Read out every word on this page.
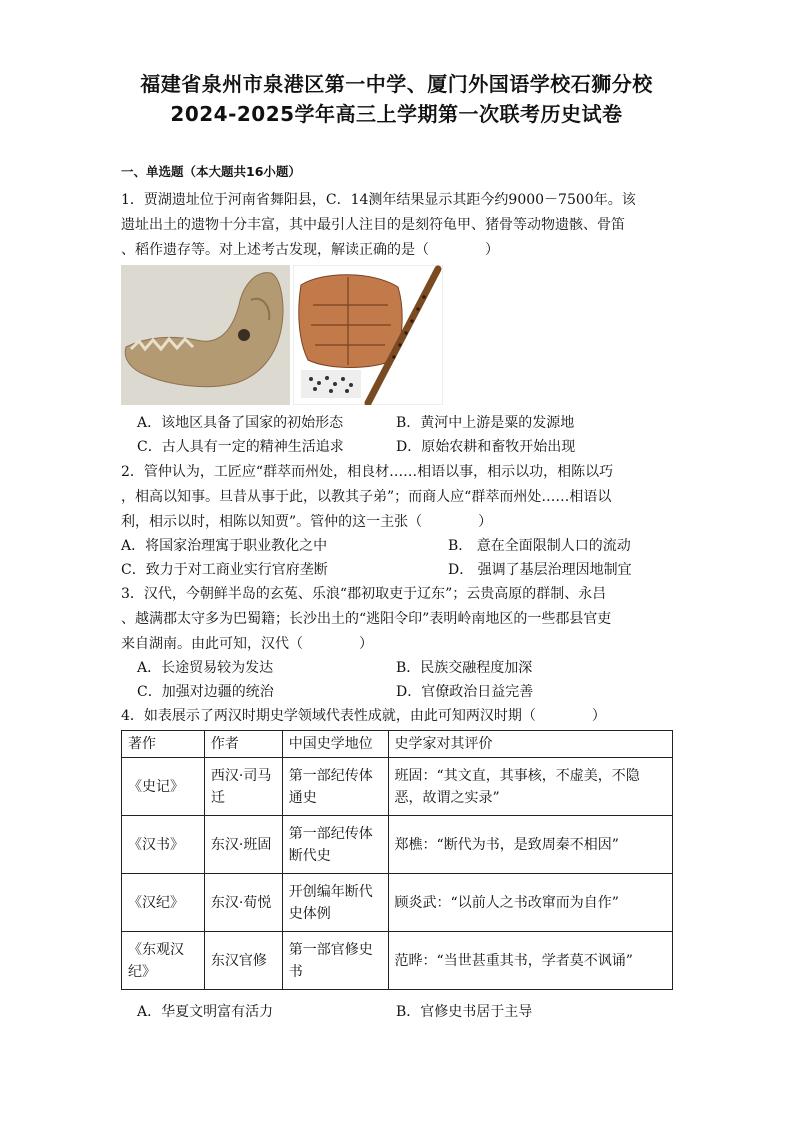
福建省泉州市泉港区第一中学、厦门外国语学校石狮分校
2024-2025学年高三上学期第一次联考历史试卷
一、单选题（本大题共16小题）
1．贾湖遗址位于河南省舞阳县，C．14测年结果显示其距今约9000－7500年。该
遗址出土的遗物十分丰富，其中最引人注目的是刻符龟甲、猪骨等动物遗骸、骨笛
、稻作遗存等。对上述考古发现，解读正确的是（　　　　）
A．该地区具备了国家的初始形态	B．黄河中上游是粟的发源地
C．古人具有一定的精神生活追求	D．原始农耕和畜牧开始出现
2．管仲认为，工匠应“群萃而州处，相良材……相语以事，相示以功，相陈以巧
，相高以知事。旦昔从事于此，以教其子弟”；而商人应“群萃而州处……相语以
利，相示以时，相陈以知贾”。管仲的这一主张（　　　　）
A．将国家治理寓于职业教化之中	B． 意在全面限制人口的流动
C．致力于对工商业实行官府垄断	D． 强调了基层治理因地制宜
3．汉代，今朝鲜半岛的玄菟、乐浪“郡初取吏于辽东”；云贵高原的群制、永吕
、越满郡太守多为巴蜀籍；长沙出土的“逃阳令印”表明岭南地区的一些郡县官吏
来自湖南。由此可知，汉代（　　　　）
A．长途贸易较为发达	B．民族交融程度加深
C．加强对边疆的统治	D．官僚政治日益完善
4．如表展示了两汉时期史学领域代表性成就，由此可知两汉时期（　　　　）
著作	作者	中国史学地位	史学家对其评价
《史记》	西汉·司马迁	第一部纪传体通史	班固：“其文直，其事核，不虚美，不隐恶，故谓之实录”
《汉书》	东汉·班固	第一部纪传体断代史	郑樵：“断代为书，是致周秦不相因”
《汉纪》	东汉·荀悦	开创编年断代史体例	顾炎武：“以前人之书改窜而为自作”
《东观汉纪》	东汉官修	第一部官修史书	范晔：“当世甚重其书，学者莫不讽诵”
A．华夏文明富有活力	B．官修史书居于主导
